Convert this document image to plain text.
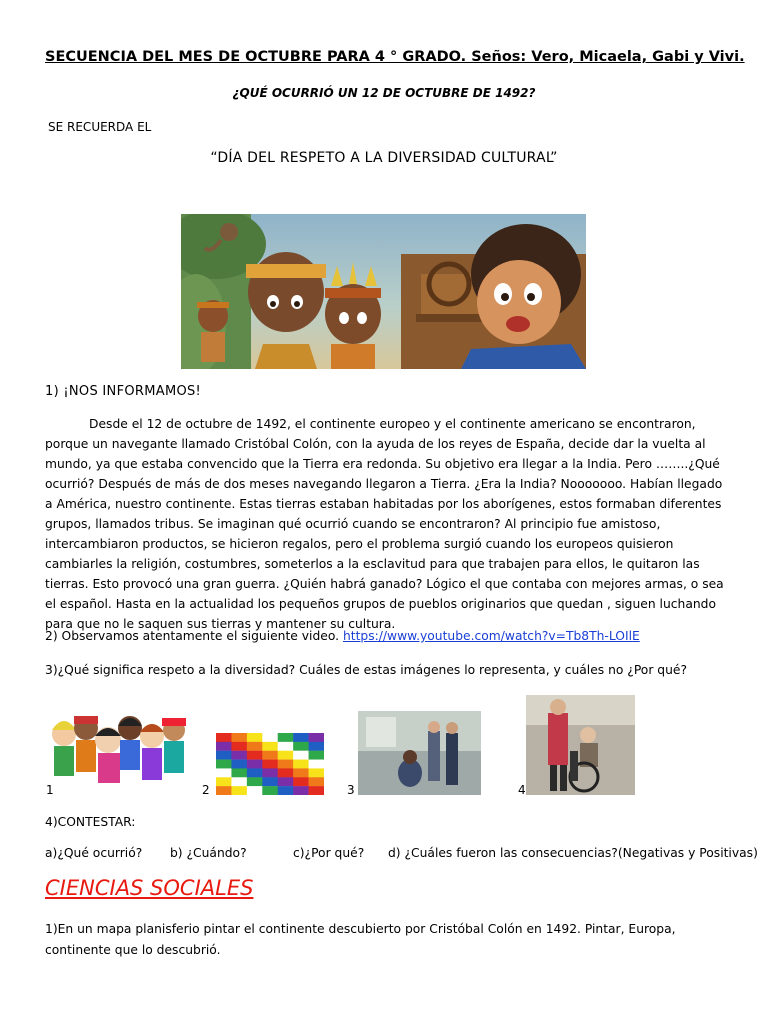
SECUENCIA DEL MES DE OCTUBRE PARA 4 ° GRADO. Seños: Vero, Micaela, Gabi y Vivi.
¿QUÉ OCURRIÓ UN 12 DE OCTUBRE DE 1492?
SE RECUERDA EL
“DÍA DEL RESPETO A LA DIVERSIDAD CULTURAL”
1) ¡NOS INFORMAMOS!
Desde el 12 de octubre de 1492, el continente europeo y el continente americano se encontraron, porque un navegante llamado Cristóbal Colón, con la ayuda de los reyes de España, decide dar la vuelta al mundo, ya que estaba convencido que la Tierra era redonda. Su objetivo era llegar a la India. Pero ……..¿Qué ocurrió? Después de más de dos meses navegando llegaron a Tierra. ¿Era la India? Nooooooo. Habían llegado a América, nuestro continente. Estas tierras estaban habitadas por los aborígenes, estos formaban diferentes grupos, llamados tribus. Se imaginan qué ocurrió cuando se encontraron? Al principio fue amistoso, intercambiaron productos, se hicieron regalos, pero el problema surgió cuando los europeos quisieron cambiarles la religión, costumbres, someterlos a la esclavitud para que trabajen para ellos, le quitaron las tierras. Esto provocó una gran guerra. ¿Quién habrá ganado? Lógico el que contaba con mejores armas, o sea el español. Hasta en la actualidad los pequeños grupos de pueblos originarios que quedan , siguen luchando para que no le saquen sus tierras y mantener su cultura.
2) Observamos atentamente el siguiente video. https://www.youtube.com/watch?v=Tb8Th-LOIlE
3)¿Qué significa respeto a la diversidad? Cuáles de estas imágenes lo representa, y cuáles no ¿Por qué?
1	2	3	4
4)CONTESTAR:
a)¿Qué ocurrió? b) ¿Cuándo?	c)¿Por qué? d) ¿Cuáles fueron las consecuencias?(Negativas y Positivas)
CIENCIAS SOCIALES
1)En un mapa planisferio pintar el continente descubierto por Cristóbal Colón en 1492. Pintar, Europa, continente que lo descubrió.
